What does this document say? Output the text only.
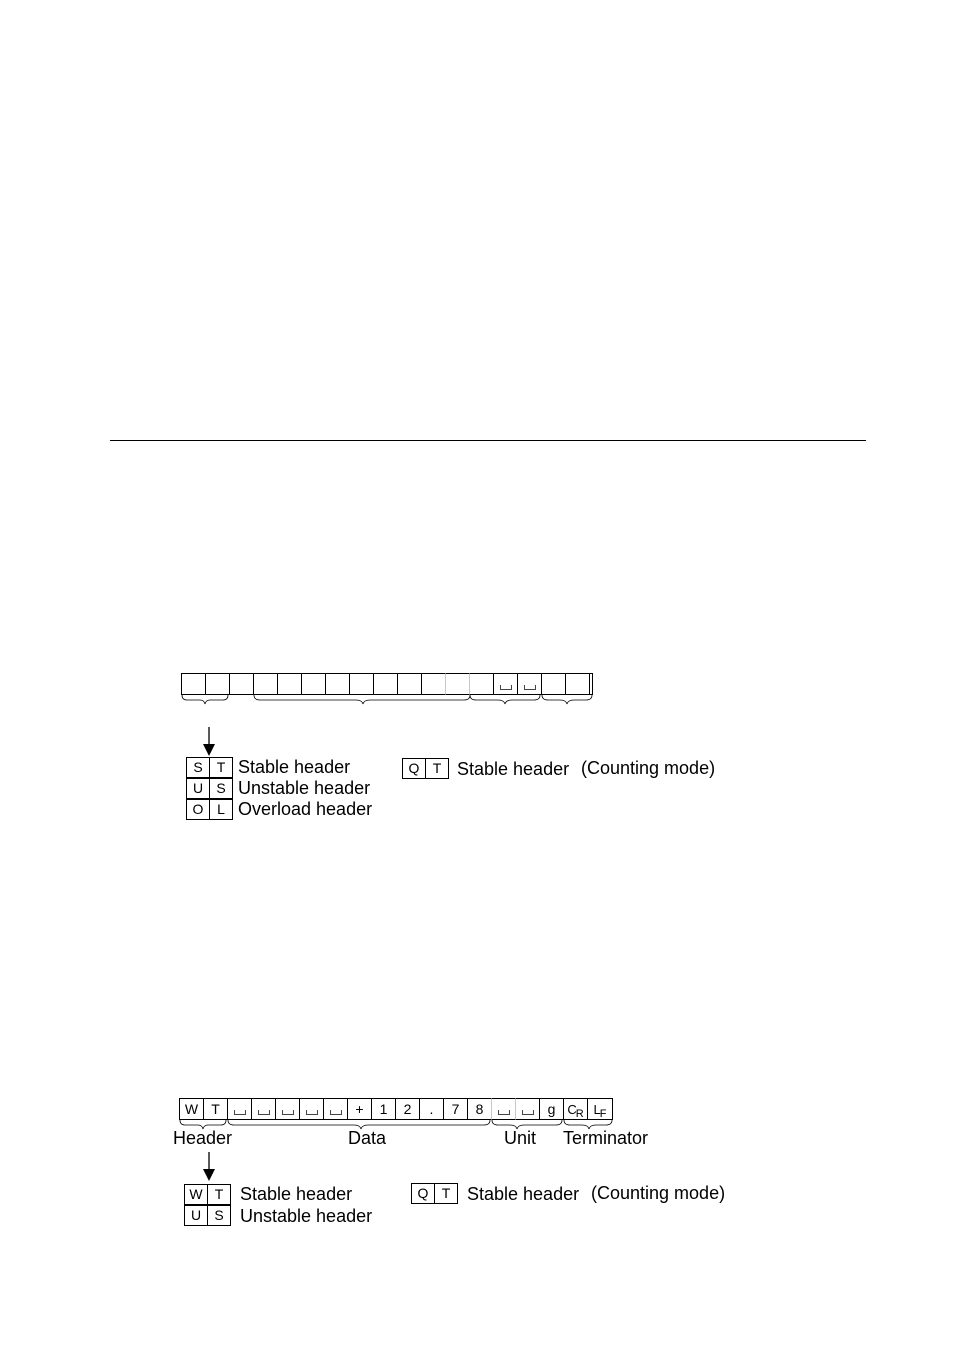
S	T Stable header
U S Unstable header
O L Overload header
Q T Stable header (Counting mode)
W T	+	1	2	.	7	8	g $C_R$ $L_F$
Header	Data	Unit Terminator
W T Stable header
U S Unstable header
Q T Stable header (Counting mode)
